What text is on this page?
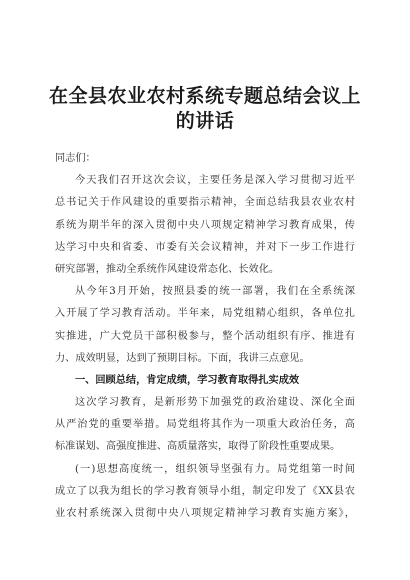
在全县农业农村系统专题总结会议上
的讲话
同志们：
今天我们召开这次会议，主要任务是深入学习贯彻习近平
总书记关于作风建设的重要指示精神，全面总结我县农业农村
系统为期半年的深入贯彻中央八项规定精神学习教育成果，传
达学习中央和省委、市委有关会议精神，并对下一步工作进行
研究部署，推动全系统作风建设常态化、长效化。
从今年3月开始，按照县委的统一部署，我们在全系统深
入开展了学习教育活动。半年来，局党组精心组织，各单位扎
实推进，广大党员干部积极参与，整个活动组织有序、推进有
力、成效明显，达到了预期目标。下面，我讲三点意见。
一、回顾总结，肯定成绩，学习教育取得扎实成效
这次学习教育，是新形势下加强党的政治建设、深化全面
从严治党的重要举措。局党组将其作为一项重大政治任务，高
标准谋划、高强度推进、高质量落实，取得了阶段性重要成果。
(一)思想高度统一，组织领导坚强有力。局党组第一时间
成立了以我为组长的学习教育领导小组，制定印发了《XX县农
业农村系统深入贯彻中央八项规定精神学习教育实施方案》，
